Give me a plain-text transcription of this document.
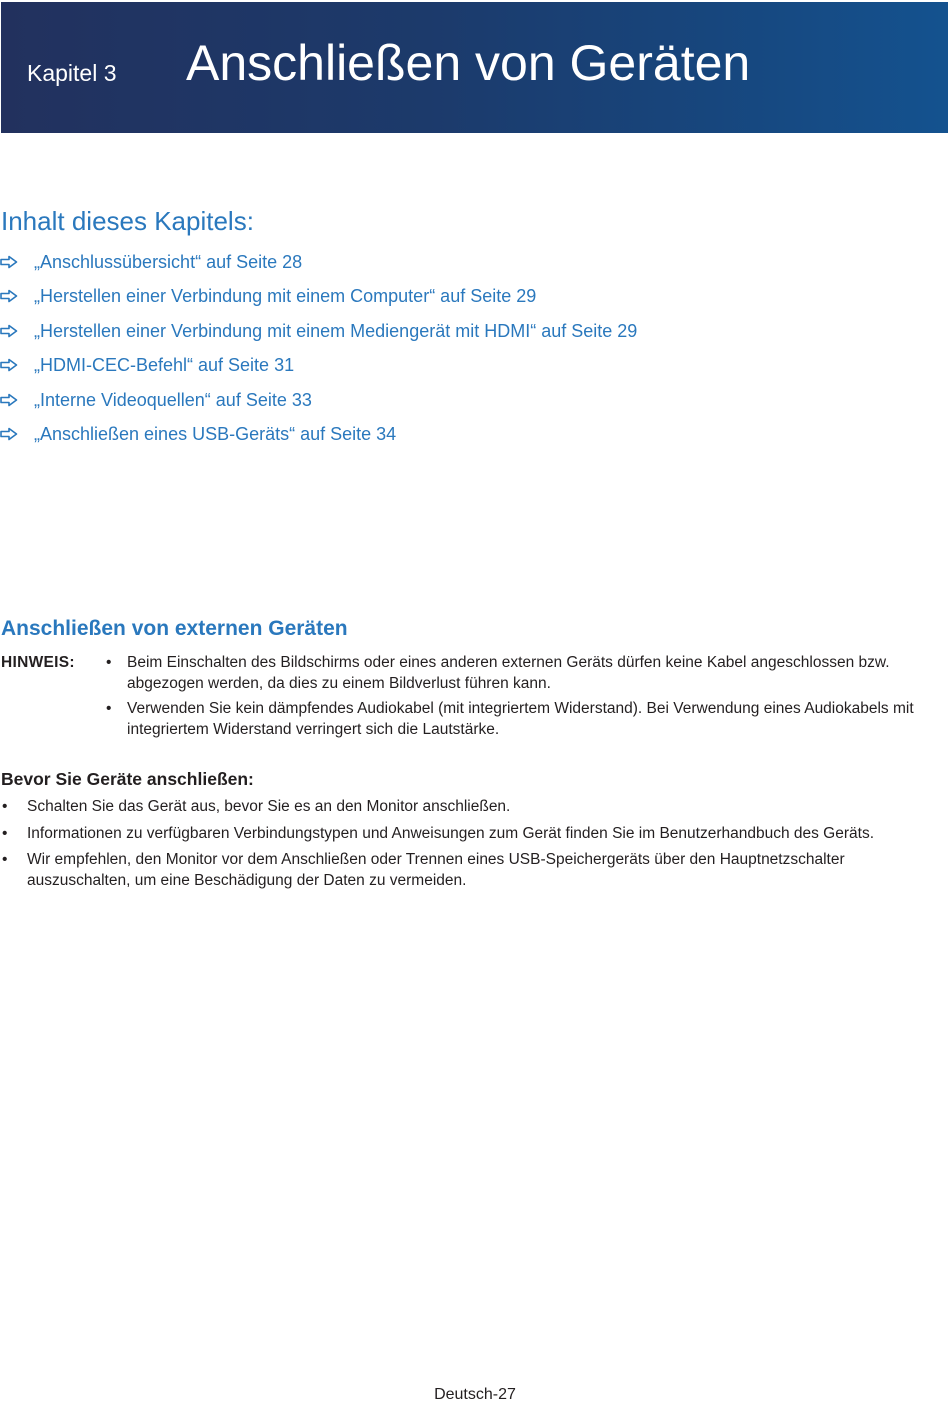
Kapitel 3 Anschließen von Geräten
Inhalt dieses Kapitels:
„Anschlussübersicht“ auf Seite 28
„Herstellen einer Verbindung mit einem Computer“ auf Seite 29
„Herstellen einer Verbindung mit einem Mediengerät mit HDMI“ auf Seite 29
„HDMI-CEC-Befehl“ auf Seite 31
„Interne Videoquellen“ auf Seite 33
„Anschließen eines USB-Geräts“ auf Seite 34
Anschließen von externen Geräten
HINWEIS: • Beim Einschalten des Bildschirms oder eines anderen externen Geräts dürfen keine Kabel angeschlossen bzw. abgezogen werden, da dies zu einem Bildverlust führen kann.
• Verwenden Sie kein dämpfendes Audiokabel (mit integriertem Widerstand). Bei Verwendung eines Audiokabels mit integriertem Widerstand verringert sich die Lautstärke.
Bevor Sie Geräte anschließen:
• Schalten Sie das Gerät aus, bevor Sie es an den Monitor anschließen.
• Informationen zu verfügbaren Verbindungstypen und Anweisungen zum Gerät finden Sie im Benutzerhandbuch des Geräts.
• Wir empfehlen, den Monitor vor dem Anschließen oder Trennen eines USB-Speichergeräts über den Hauptnetzschalter auszuschalten, um eine Beschädigung der Daten zu vermeiden.
Deutsch-27
